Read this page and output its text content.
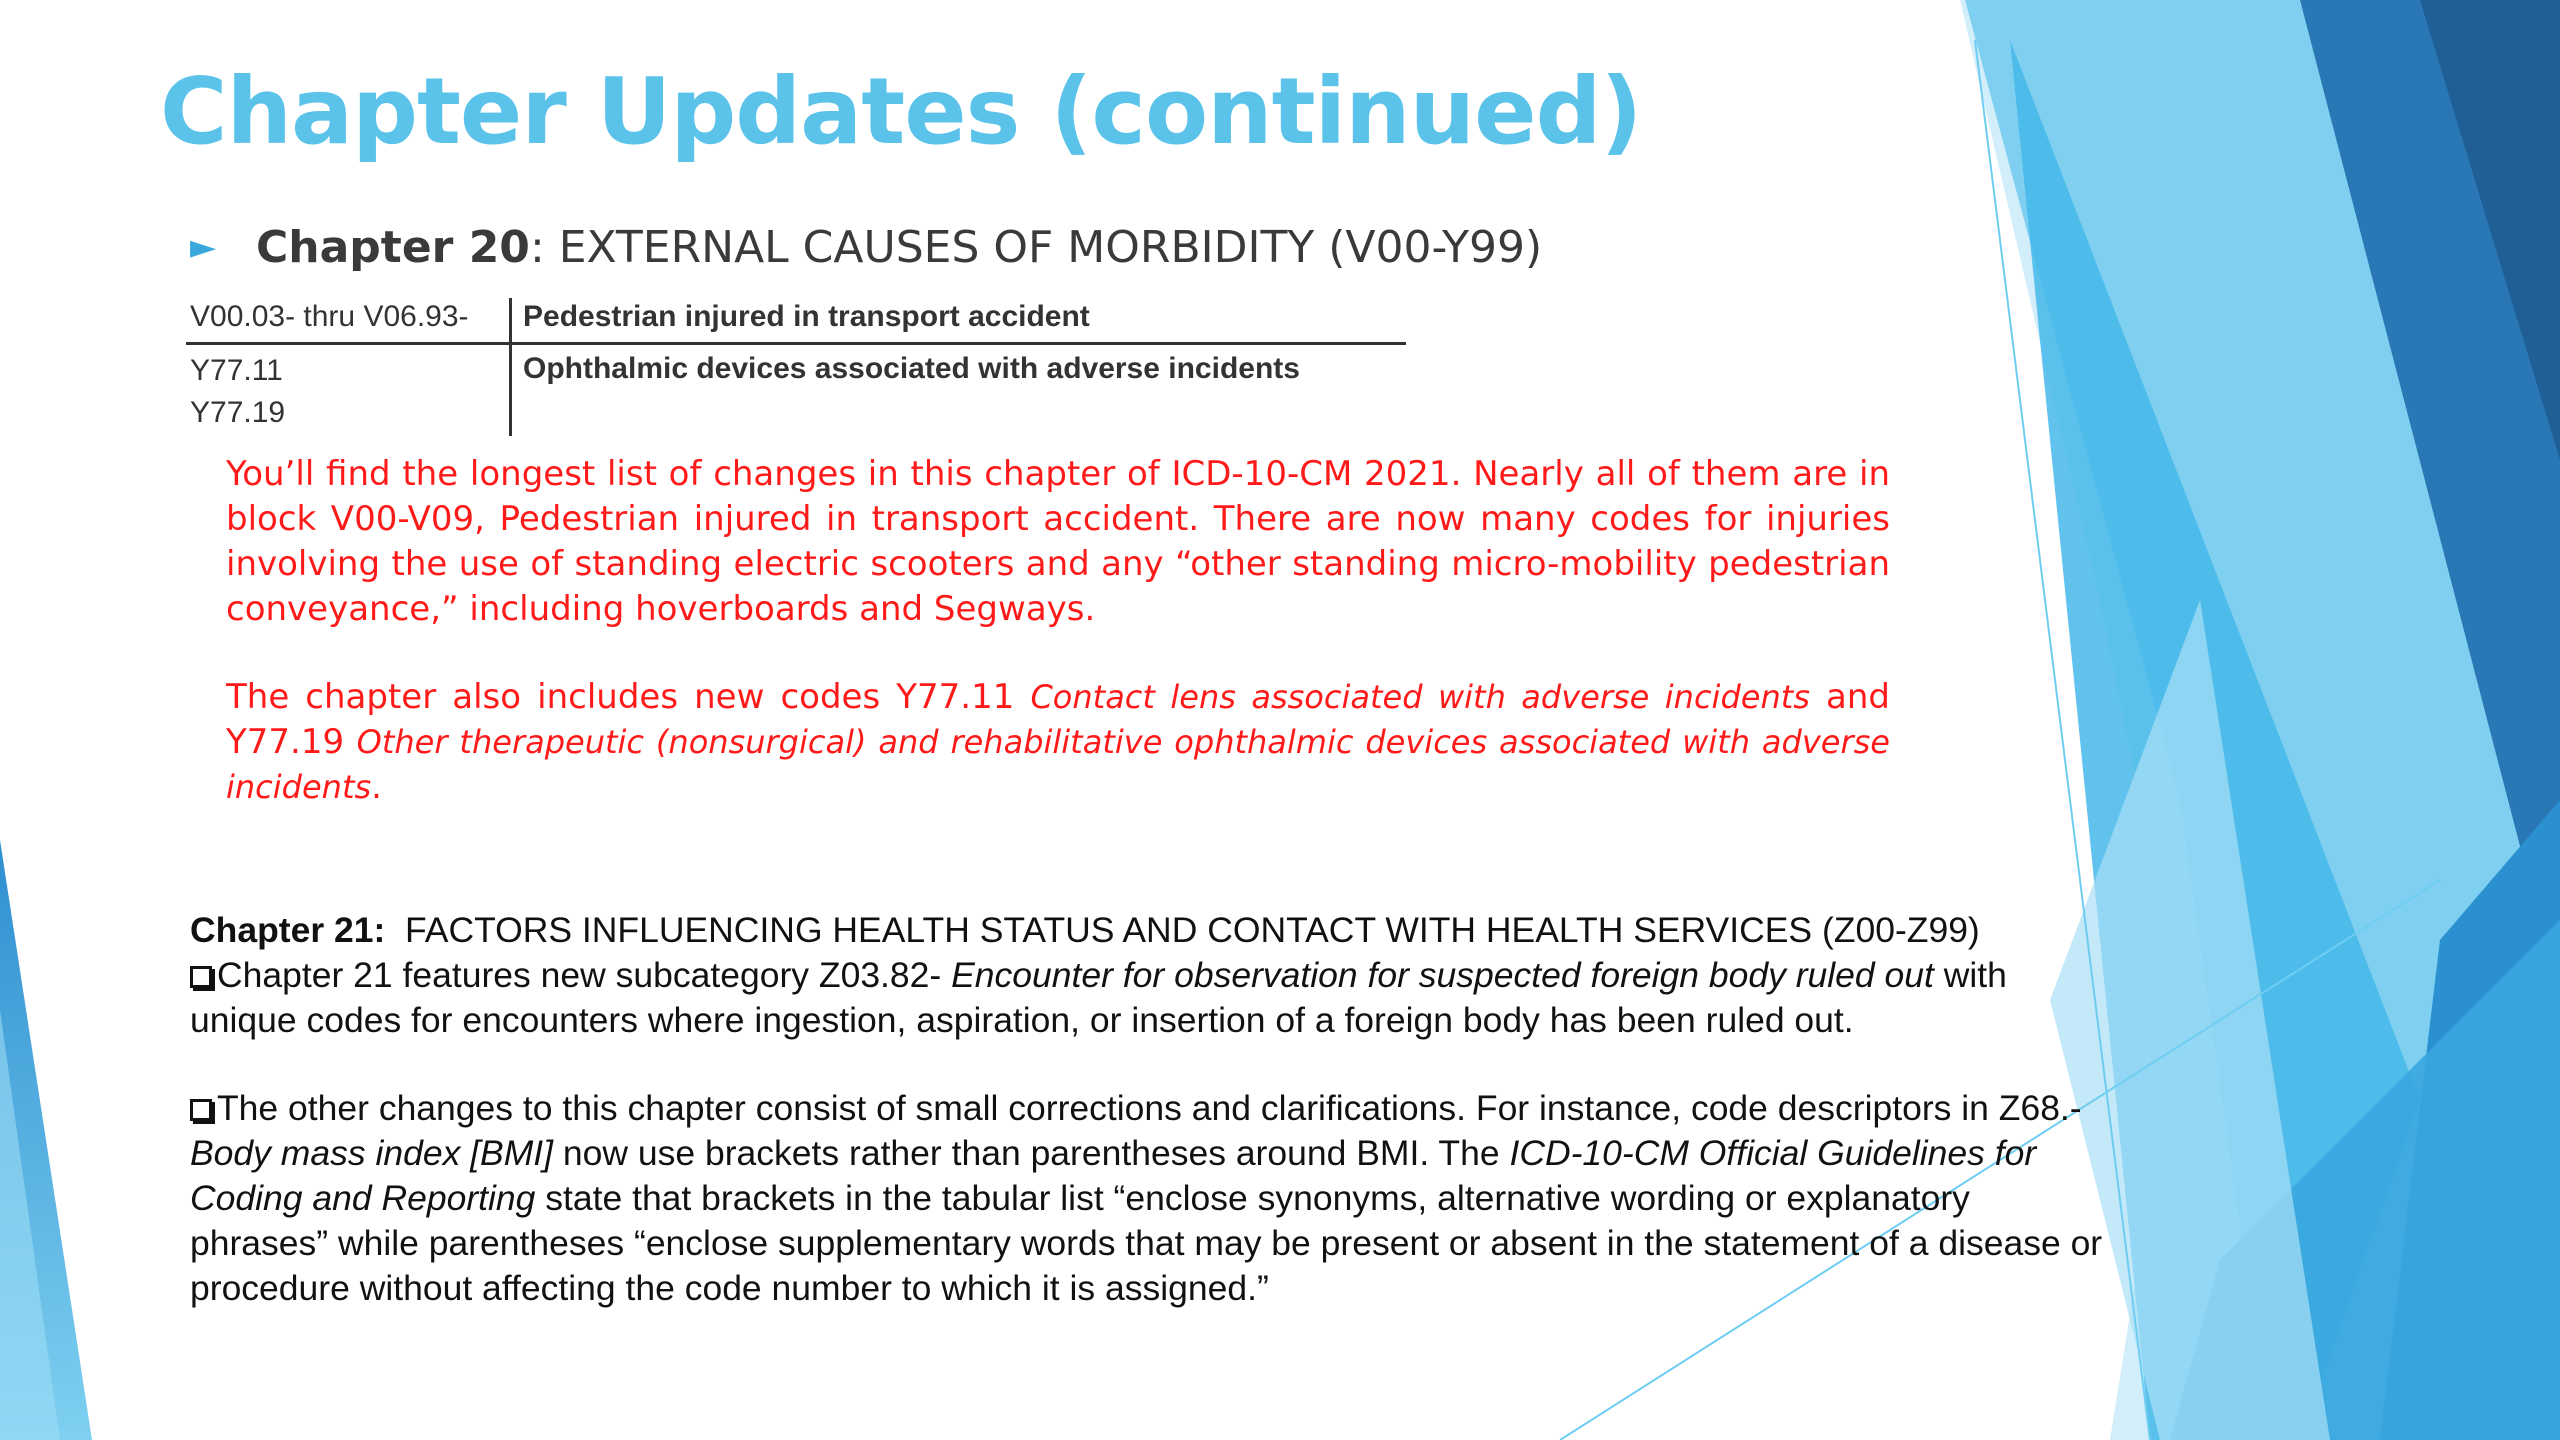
Chapter Updates (continued)
► Chapter 20: EXTERNAL CAUSES OF MORBIDITY (V00-Y99)
V00.03- thru V06.93- Pedestrian injured in transport accident
Y77.11
Y77.19
Ophthalmic devices associated with adverse incidents

You’ll find the longest list of changes in this chapter of ICD-10-CM 2021. Nearly all of them are in block V00-V09, Pedestrian injured in transport accident. There are now many codes for injuries involving the use of standing electric scooters and any “other standing micro-mobility pedestrian conveyance,” including hoverboards and Segways.

The chapter also includes new codes Y77.11 Contact lens associated with adverse incidents and Y77.19 Other therapeutic (nonsurgical) and rehabilitative ophthalmic devices associated with adverse incidents.

Chapter 21: FACTORS INFLUENCING HEALTH STATUS AND CONTACT WITH HEALTH SERVICES (Z00-Z99)
Chapter 21 features new subcategory Z03.82- Encounter for observation for suspected foreign body ruled out with unique codes for encounters where ingestion, aspiration, or insertion of a foreign body has been ruled out.

The other changes to this chapter consist of small corrections and clarifications. For instance, code descriptors in Z68.- Body mass index [BMI] now use brackets rather than parentheses around BMI. The ICD-10-CM Official Guidelines for Coding and Reporting state that brackets in the tabular list “enclose synonyms, alternative wording or explanatory phrases” while parentheses “enclose supplementary words that may be present or absent in the statement of a disease or procedure without affecting the code number to which it is assigned.”
